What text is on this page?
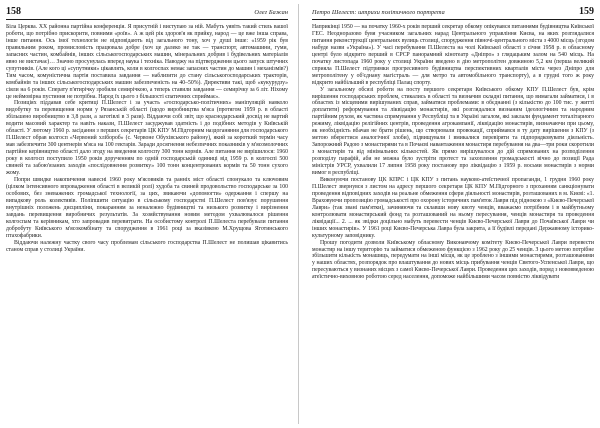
158	Олег Бажан

Біла Церква. ХХ районна партійна конференція. Я присутній і виступаю за ній. Мабуть уявіть такий стиль вашої роботи, що потрібно прискорити, повними «роїв». А ж цей рік здоров'я як прийку, народ — це вже інша справа, інше питання. Ось імої технологія не відповідають від загального тону, хоч у душі інше: «1959 рік був правильним роком, промисловість працювала добре (хоч це далеко не так — транспорт, автомашини, гуми, запасних частин, комбайнів, інших сільськогосподарських машин, мінеральних добрив і будівельних матеріалів явно не вистачає)… Значно просунулась вперед наука і техніка. Наводжу на підтвердження цього запуск штучних супутників. (Але кого ці «супутники» цікавлять, коли в колгоспах немає запасних частин до машин і механізмів?) Тим часом, комуністична партія поставила завдання — наблизити до стану сільськогосподарських тракторів, комбайнів та інших сільськогосподарських машин забезпеченість на 40–50%). Директиви такі, щоб «кукурудзу» сіяли на 6 років. Сперату п'ятирічку зробили семирічкою, а теперь ставили завдання — семирічку за 6 літ. Ніхому це неймовірна пустиння не потрібна. Народ їх цього з більшості єпатичних сприймає».

Позиціях піддавав себе критиці П.Шелест і за участь «господарсько-політичних» маніпуляцій навколо видобутку та перевищення норми у Рязанській області (щодо виробництва м'яса (протягом 1959 р. в області збільшено виробництво в 3,8 рази, а заготівлі в 3 рази). Віддаючи собі звіт, що краснодарський досвід не вартий водити масовий характер та навіть накази, П.Шелест засуджував здатність і до подібних методів у Київській області. У лютому 1960 р. засідання з перших секретарів ЦК КПУ М.Підгорним наздоганяння для господарського П.Шелест обрав колгосп «Червоний хлібороб» (с. Червоне Обухівського району), який за короткий термін часу мав забезпечити 300 центнерів м'яса на 100 гектарів. Заради досягнення небезпечних показників у м'ясомолочних партійне керівництво області дало згоду на введення колгоспу 300 тонн кормів. Але питання не вирішилося: 1960 року в колгосп поступило 1950 років дорученням по одній господарській одиниці від 1959 р. в колгоспі 500 свиней та забою'язаних заходів «послідовнення розвитку» 100 тонн концентрованих кормів та 50 тонн сухого жому.

Попри швидке накопичення навесні 1960 року м'ясовиків та ранніх міст області спонукало та ключовим (цілком інтенсивного впровадження області в великій ролі) худоба та свиней продовольство господарське за 100 особових, без зневажених громадської технології, за цих, звикаючи «допомогти» одержання і спершу на випадкову роль колективів. Поліпшити ситуацію в сільському господарстві П.Шелест пов'язує порушення внутрішніх положень дисципліни, покаранням за неналежно будівництві та низького розвитку і вирізнення завдань перевищення виробничих результатів. За хозяйствування новим методом ухвалювалося рішення колгоспам та керівникам, хто запровадив перевитрати. На особистому контролі П.Шелеста перебували питання добробуту Київського м'ясокомбінату та спорудження в 1961 році за вказівкою М.Хрущова Яготинського птахофабрики.

Віддаючи належну частку свого часу проблемам сільського господарства П.Шелест не полишав цікавитись станом справ у столиці України.

Петро Шелест: штрихи політичного портрета	159

Наприкінці 1950 — на початку 1960-х років перший секретар обкому опікувався питаннями будівництва Київської ГЕС. Неодноразово бувя учасником загальних нарад Центрального управління Києва, на яких розглядалися питання реконструкції центральних вулиць столиці, спорудження півночі-центрального міста з 4000 місць (згодом набуде назви «Україна»). У часі перебування П.Шелеста на чолі Київської області з січня 1958 р. в обласному центрі було відкрито перший в СРСР панорамний кінотеатр «Дніпро» з глядацьким залом на 540 місць. На початку листопада 1960 року у столиці України введено в дію метрополітен довжиною 5,2 км (перша великий сприяла П.Шелест підтримки прогресивного будівництва перспективних кварталів міста через Дніпро для метрополітену у об'єднану магістраль — для метро та автомобільного транспорту), а в грудні того ж року відкрито найбільший в республіці Палац спорту.

У загальному обсязі роботи на посту першого секретаря Київського обкому КПУ П.Шелест був, крім вирішення господарських проблем, стикались в області та визначив складні питання, що вимагали займатися, і в областях із місцевими вирішуваних справ, займатися проблемами: в обєднанні (з кількістю до 100 тис. у житті доплатити) реформування та ліквідацію монастирів, які розглядалися визнаним ідеологічним та народним партійним рухом, як частина спрямування у Республіці та в Україні загалом, які заклали фундамент тоталітарного режиму, ліквідацію релігійних центрів, проведення агрокампанії, ліквідацію монастирів, визначаючи при цьому, як необхідність вбачав не брати рішень, що створювали провокації, сприймався в ту дату вирішення з КПУ (з метою вберегтися аналогічної злоби), підвищували і вмикалися перевіряти та підпорядковувати діяльність. Запорожний Радою з монастирями та в Почаєві навантаження монастиря перебування на два—три роки скоротили з монастирів та від мінімальних кількостей. Як прямо вирішувалося до дій спрямованих на розподілення розподілу парафій, аби не можна було зустріти протест та захоплення громадськості вічно до позиції Рада міністрів УРСР, ухвалили 17 липня 1958 року постанову про ліквідацію з 1959 р. восьми монастирів з норми вимог в республіці.

Виконуючи постанову ЦК КПРС і ЦК КПУ з питань науково-атеїстичної пропаганди, 1 грудня 1960 року П.Шелест звернувся з листом на адресу першого секретаря ЦК КПУ М.Підгорного з проханням санкціонувати проведення відповідних заходів на реальне обмеження сфери діяльності монастирів, розташованих в м. Києві: «1. Враховуючи пропозицію громадськості про охорону історичних пам'яток Лаври під ріднокою з «Києво-Печерської Лаври» (так звані пам'ятки), зачиняючи та склавши нову квоту ченців, вважаємо потрібним і в майбутньому контролювати монастирський фонд та розташований на ньому пересування, ченців монастиря та проведення ліквідації... 2. ... як звідки доцільно мабуть перевести ченців Києво-Печерської Лаври до Почаївської Лаври чи інших монастирів». У 1961 році Києво-Печерська Лавра була закрита, а її будівлі передані Державному історико-культурному заповіднику.

Прошу погодити дозволи Київському обласному Виконавчому комітету Києво-Печерської Лаври перевести монастир на іншу територію та займатися обмеженою функцією з 1962 року до 25 ченців. З цього метою потрібне збільшити кількість монашиць, передумати на інші місця, як це зроблено з іншими монастирями, розташованими у наших областях, розпорядок про влаштування до нових місць прибування ченців Святого-Успенської Лаври, що пересуваються у визнаних місцях з самої Києво-Печерської Лаври. Проведення цих заходів, поряд з нововведеною атеїстично-виховною роботою серед населення, допоможе найбільшими часом повністю ліквідувати
